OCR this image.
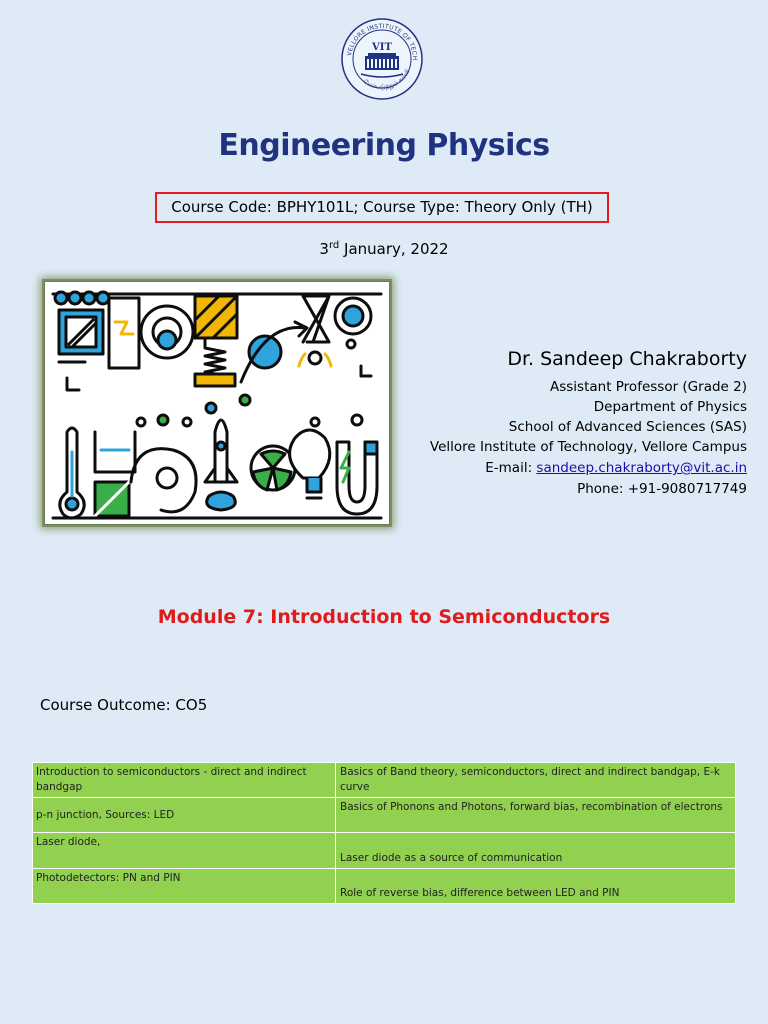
VELLORE INSTITUTE OF TECH
மேம்படுத்தும் கல்வி
VIT
Engineering Physics
Course Code: BPHY101L; Course Type: Theory Only (TH)
3rd January, 2022
Dr. Sandeep Chakraborty
Assistant Professor (Grade 2)
Department of Physics
School of Advanced Sciences (SAS)
Vellore Institute of Technology, Vellore Campus
E-mail: sandeep.chakraborty@vit.ac.in
Phone: +91-9080717749
Module 7: Introduction to Semiconductors
Course Outcome: CO5
Introduction to semiconductors - direct and indirect bandgap	Basics of Band theory, semiconductors, direct and indirect bandgap, E-k curve
p-n junction, Sources: LED	Basics of Phonons and Photons, forward bias, recombination of electrons
Laser diode,	Laser diode as a source of communication
Photodetectors: PN and PIN	Role of reverse bias, difference between LED and PIN
